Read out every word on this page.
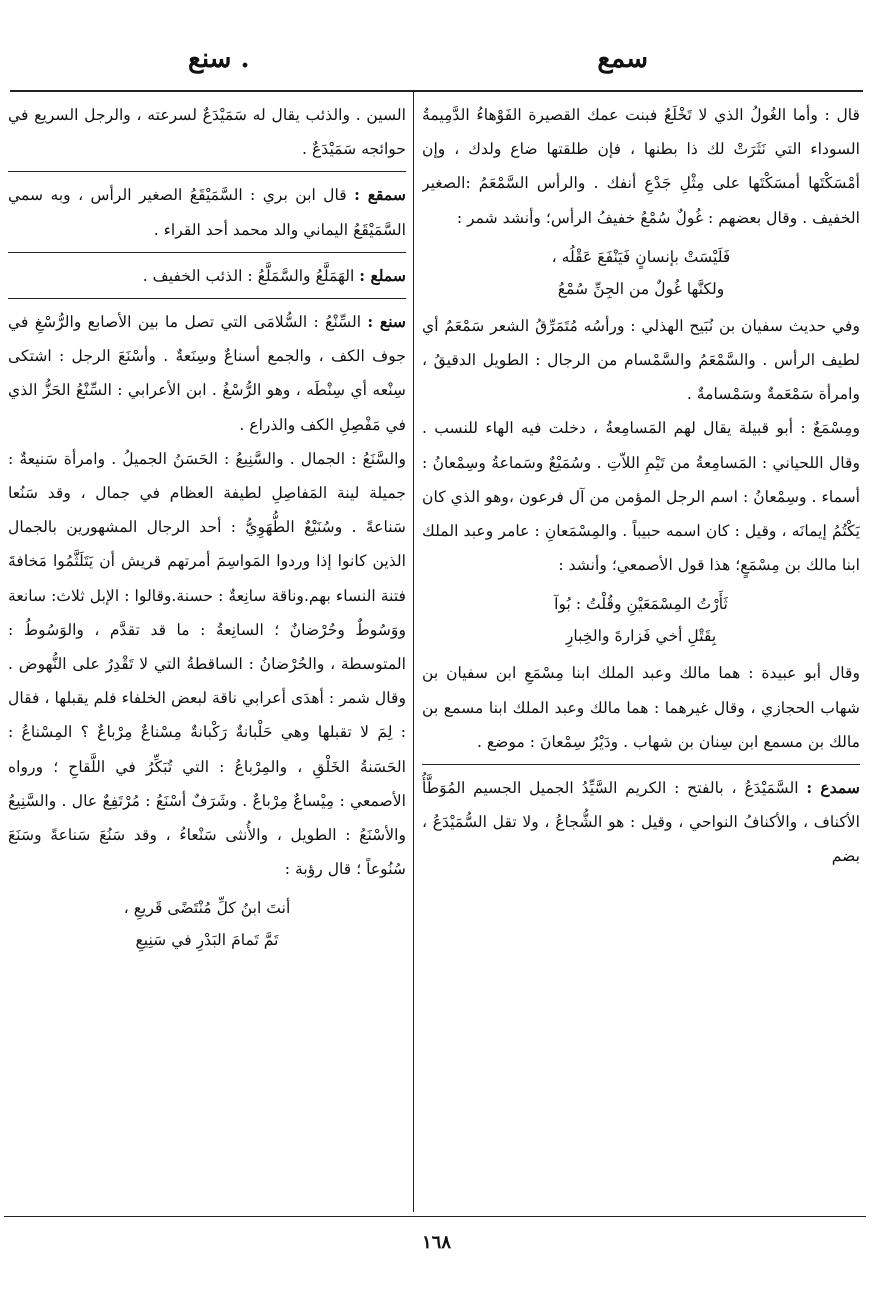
سمع
. سنع

قال : وأما الغُولُ الذي لا تَخْلَعُ فبنت عمك القصيرة الفَوْهاءُ الدَّمِيمةُ السوداء التي نَثَرَتْ لك ذا بطنها ، فإن طلقتها ضاع ولدك ، وإن أمْسَكْتَها أمسَكْتَها على مِثْلِ جَدْعِ أنفك . والرأس السَّمْعَمُ :الصغير الخفيف . وقال بعضهم : غُولٌ سُمْعُ خفيفُ الرأس؛ وأنشد شمر :

فَلَيْسَتْ بإنسانٍ فَيَنْفَعَ عَقْلُه ،
ولكنَّها غُولٌ من الجِنِّ سُمْعُ

وفي حديث سفيان بن نُبَيح الهذلي : ورأسُه مُتَمَرِّقُ الشعر سَمْعَمُ أي لطيف الرأس . والسَّمْعَمُ والسَّمْسام من الرجال : الطويل الدقيقُ ، وامرأة سَمْعَمةٌ وسَمْسامةٌ .

ومِسْمَعٌ : أبو قبيلة يقال لهم المَسامِعةُ ، دخلت فيه الهاء للنسب . وقال اللحياني : المَسامِعةُ من تَيْمِ اللاّتِ . وسُمَيْعٌ وسَماعةُ وسِمْعانُ : أسماء . وسِمْعانُ : اسم الرجل المؤمن من آل فرعون ،وهو الذي كان يَكْتُمُ إيمانَه ، وقيل : كان اسمه حبيباً . والمِسْمَعانِ : عامر وعبد الملك ابنا مالك بن مِسْمَعٍ؛ هذا قول الأصمعي؛ وأنشد :

ثَأَرْتُ المِسْمَعَيْنِ وقُلْتُ : بُوآ
بِقَتْلِ أخي فَزارةَ والخِبارِ

وقال أبو عبيدة : هما مالك وعبد الملك ابنا مِسْمَعِ ابن سفيان بن شهاب الحجازي ، وقال غيرهما : هما مالك وعبد الملك ابنا مسمع بن مالك بن مسمع ابن سِنان بن شهاب . ودَيْرُ سِمْعانَ : موضع .

سمدع : السَّمَيْدَعُ ، بالفتح : الكريم السَّيِّدُ الجميل الجسيم المُوَطَّأُ الأكناف ، والأكنافُ النواحي ، وقيل : هو الشُّجاعُ ، ولا تقل السُّمَيْدَعُ ، بضم

السين . والذئب يقال له سَمَيْدَعٌ لسرعته ، والرجل السريع في حوائجه سَمَيْدَعٌ .

سمقع : قال ابن بري : السَّمَيْقَعُ الصغير الرأس ، وبه سمي السَّمَيْقَعُ اليماني والد محمد أحد القراء .

سملع : الهَمَلَّعُ والسَّمَلَّعُ : الذئب الخفيف .

سنع : السِّنْعُ : السُّلامَى التي تصل ما بين الأصابع والرُّسْغِ في جوف الكف ، والجمع أسناعٌ وسِنَعةٌ . وأسْنَعَ الرجل : اشتكى سِنْعه أي سِنْطَه ، وهو الرُّسْغُ . ابن الأعرابي : السِّنْعُ الحَزُّ الذي في مَفْصِلِ الكف والذراع .

والسَّنَعُ : الجمال . والسَّنِيعُ : الحَسَنُ الجميلُ . وامرأة سَنيعةٌ : جميلة لينة المَفاصِلِ لطيفة العظام في جمال ، وقد سَنُعا سَناعةً . وسُنَيْعٌ الطُّهَوِيُّ : أحد الرجال المشهورين بالجمال الذين كانوا إذا وردوا المَواسِمَ أمرتهم قريش أن يَتَلَثَّمُوا مَخافةَ فتنة النساء بهم.وناقة سانِعةٌ : حسنة.وقالوا : الإبل ثلاث: سانعة ووَسُوطٌ وحُرْضانٌ ؛ السانِعةُ : ما قد تقدَّم ، والوَسُوطُ : المتوسطة ، والحُرْضانُ : الساقطةُ التي لا تَقْدِرُ على النُّهوض . وقال شمر : أهدَى أعرابي ناقة لبعض الخلفاء فلم يقبلها ، فقال : لِمَ لا تقبلها وهي حَلْبانةٌ رَكْبانةٌ مِسْناعٌ مِرْباعٌ ؟ المِسْناعُ : الحَسَنةُ الخَلْقِ ، والمِرْباعُ : التي تُبَكِّرُ في اللَّقاحِ ؛ ورواه الأصمعي : مِيْساعٌ مِرْباعٌ . وشَرَفٌ أسْنَعُ : مُرْتَفِعٌ عال . والسَّنِيعُ والأسْنَعُ : الطويل ، والأُنثى سَنْعاءُ ، وقد سَنُعَ سَناعةً وسَنَعَ سُنُوعاً ؛ قال رؤبة :

أنتَ ابنُ كلِّ مُنْتَضًى قَريعِ ،
تَمَّ تَمامَ البَدْرِ في سَنِيعِ
١٦٨
